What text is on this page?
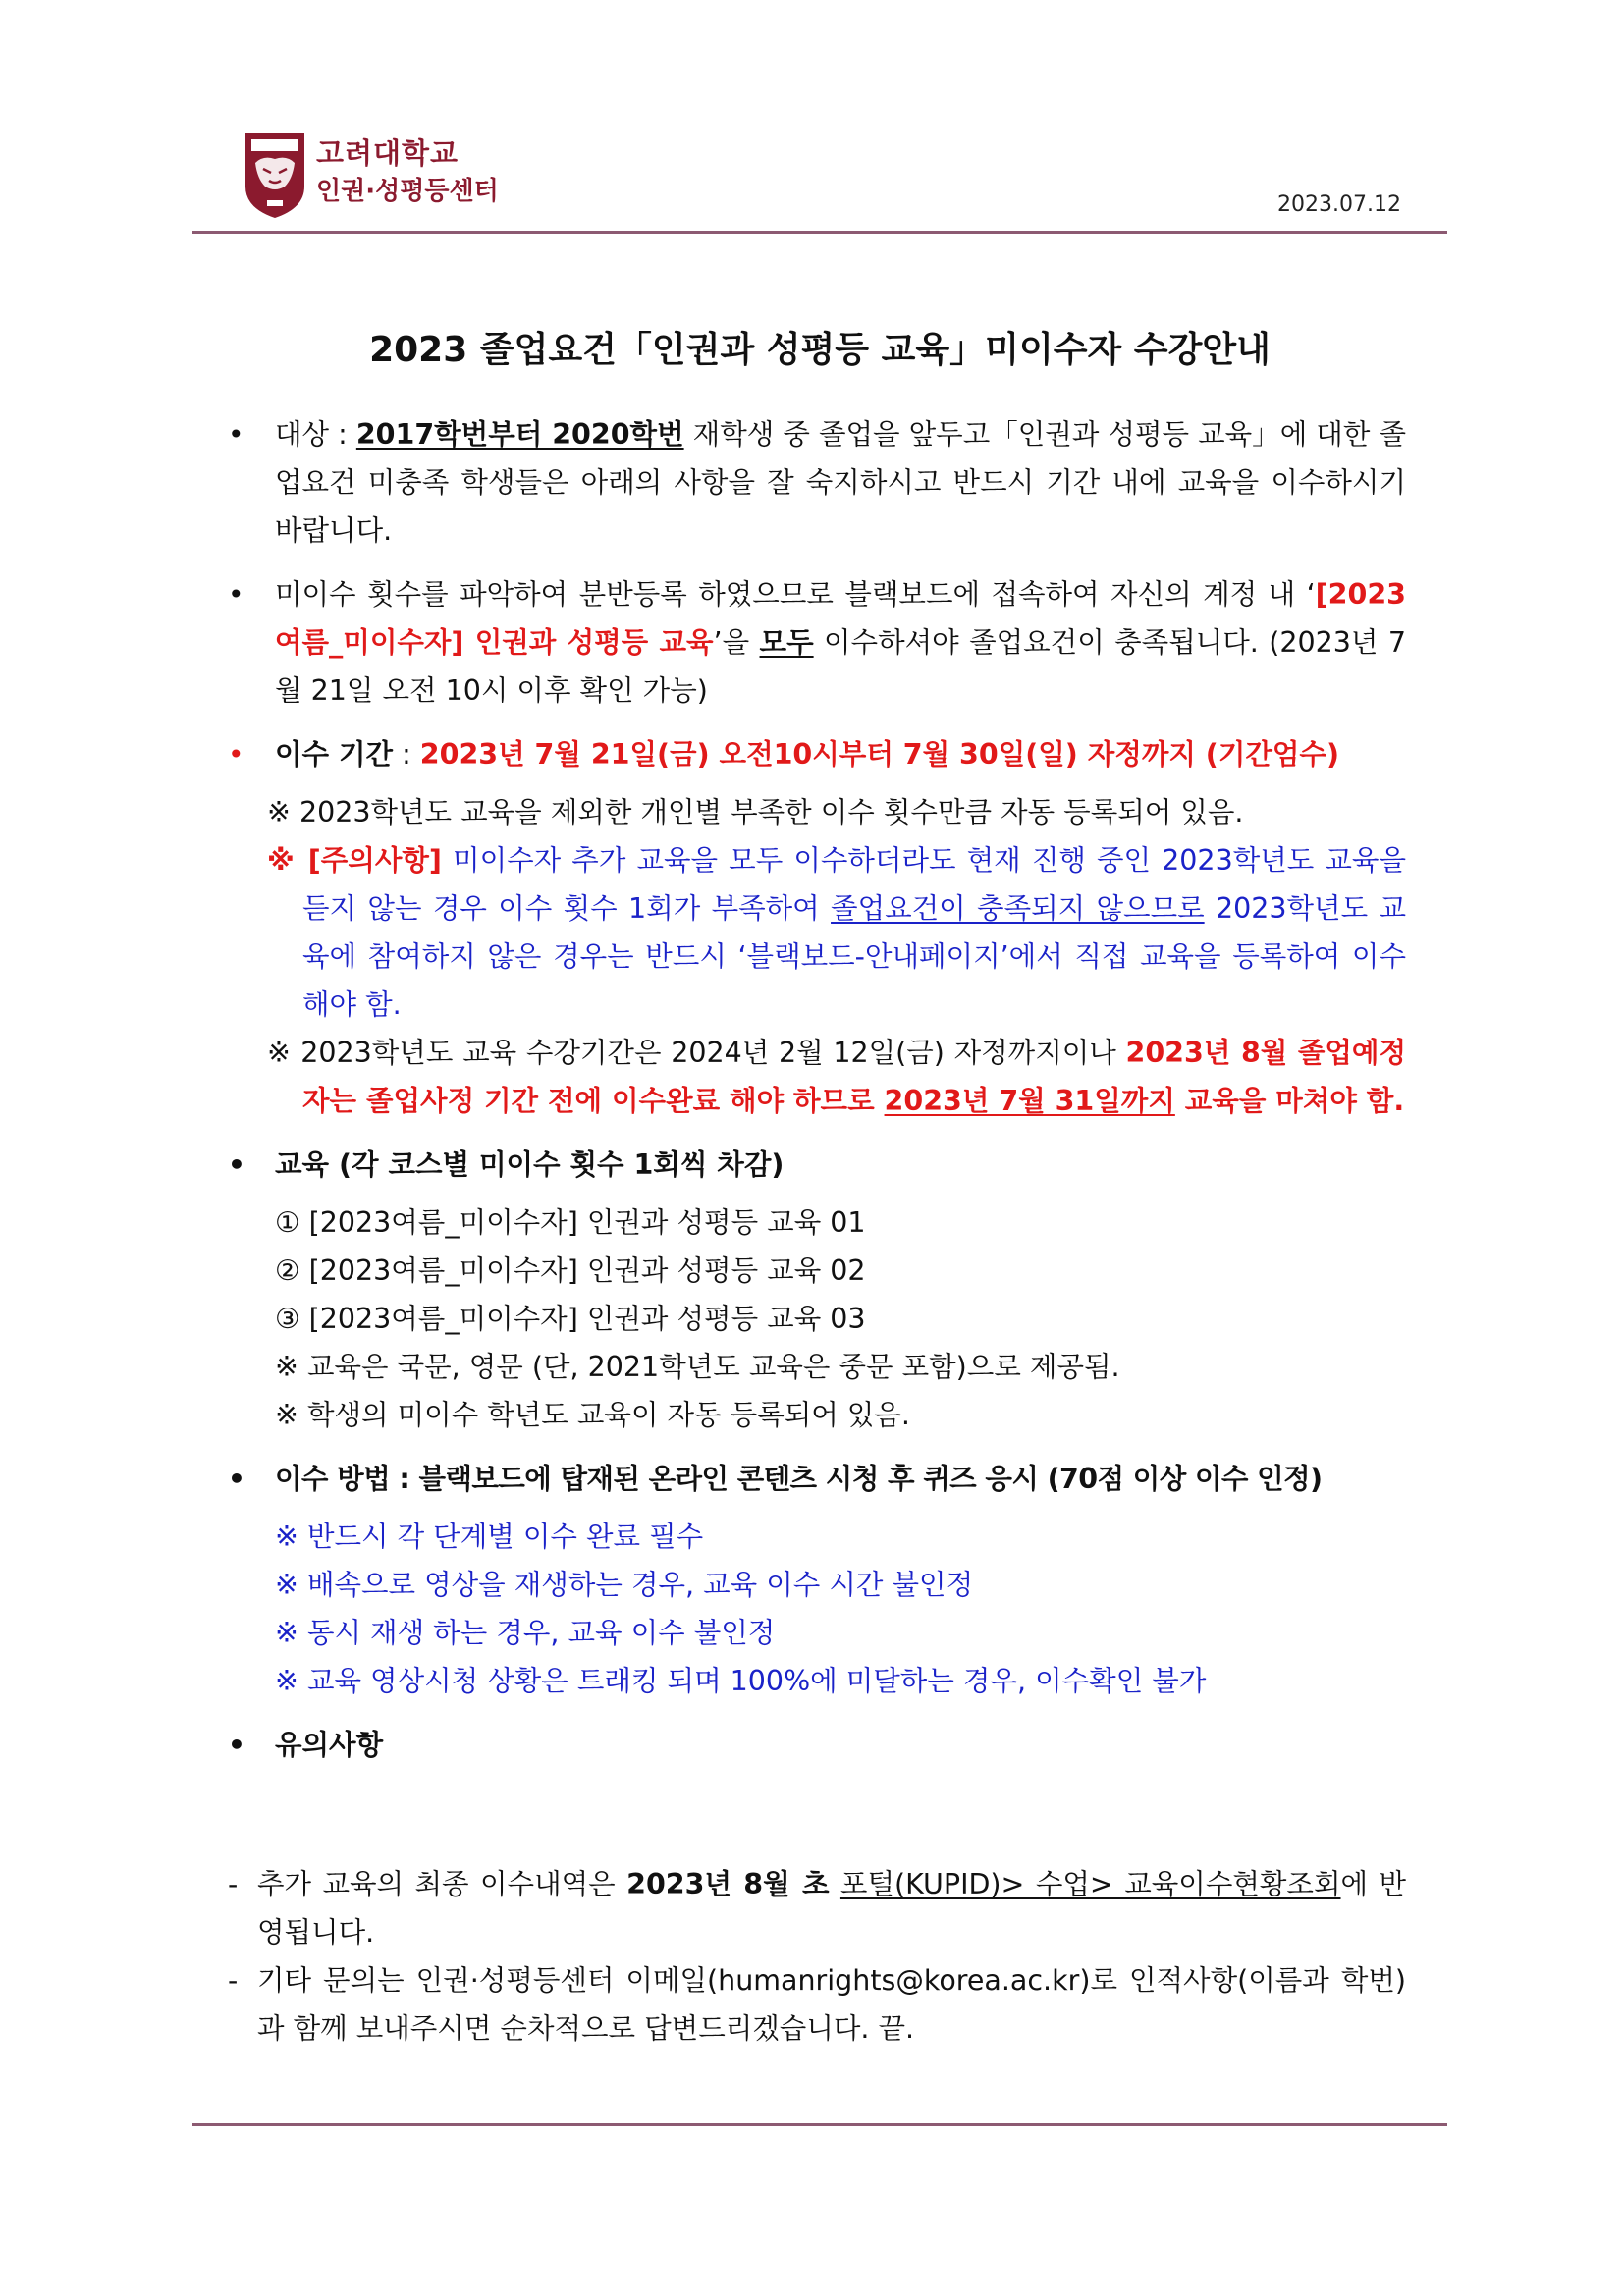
고려대학교
인권·성평등센터	2023.07.12
2023 졸업요건「인권과 성평등 교육」미이수자 수강안내
• 대상 : 2017학번부터 2020학번 재학생 중 졸업을 앞두고「인권과 성평등 교육」에 대한 졸업요건 미충족 학생들은 아래의 사항을 잘 숙지하시고 반드시 기간 내에 교육을 이수하시기 바랍니다.
• 미이수 횟수를 파악하여 분반등록 하였으므로 블랙보드에 접속하여 자신의 계정 내 ‘[2023여름_미이수자] 인권과 성평등 교육’을 모두 이수하셔야 졸업요건이 충족됩니다. (2023년 7월 21일 오전 10시 이후 확인 가능)
• 이수 기간 : 2023년 7월 21일(금) 오전10시부터 7월 30일(일) 자정까지 (기간엄수)
※ 2023학년도 교육을 제외한 개인별 부족한 이수 횟수만큼 자동 등록되어 있음.
※ [주의사항] 미이수자 추가 교육을 모두 이수하더라도 현재 진행 중인 2023학년도 교육을 듣지 않는 경우 이수 횟수 1회가 부족하여 졸업요건이 충족되지 않으므로 2023학년도 교육에 참여하지 않은 경우는 반드시 ‘블랙보드-안내페이지’에서 직접 교육을 등록하여 이수해야 함.
※ 2023학년도 교육 수강기간은 2024년 2월 12일(금) 자정까지이나 2023년 8월 졸업예정자는 졸업사정 기간 전에 이수완료 해야 하므로 2023년 7월 31일까지 교육을 마쳐야 함.
• 교육 (각 코스별 미이수 횟수 1회씩 차감)
① [2023여름_미이수자] 인권과 성평등 교육 01
② [2023여름_미이수자] 인권과 성평등 교육 02
③ [2023여름_미이수자] 인권과 성평등 교육 03
※ 교육은 국문, 영문 (단, 2021학년도 교육은 중문 포함)으로 제공됨.
※ 학생의 미이수 학년도 교육이 자동 등록되어 있음.
• 이수 방법 : 블랙보드에 탑재된 온라인 콘텐츠 시청 후 퀴즈 응시 (70점 이상 이수 인정)
※ 반드시 각 단계별 이수 완료 필수
※ 배속으로 영상을 재생하는 경우, 교육 이수 시간 불인정
※ 동시 재생 하는 경우, 교육 이수 불인정
※ 교육 영상시청 상황은 트래킹 되며 100%에 미달하는 경우, 이수확인 불가
• 유의사항
- 추가 교육의 최종 이수내역은 2023년 8월 초 포털(KUPID)> 수업> 교육이수현황조회에 반영됩니다.
- 기타 문의는 인권·성평등센터 이메일(humanrights@korea.ac.kr)로 인적사항(이름과 학번)과 함께 보내주시면 순차적으로 답변드리겠습니다. 끝.
